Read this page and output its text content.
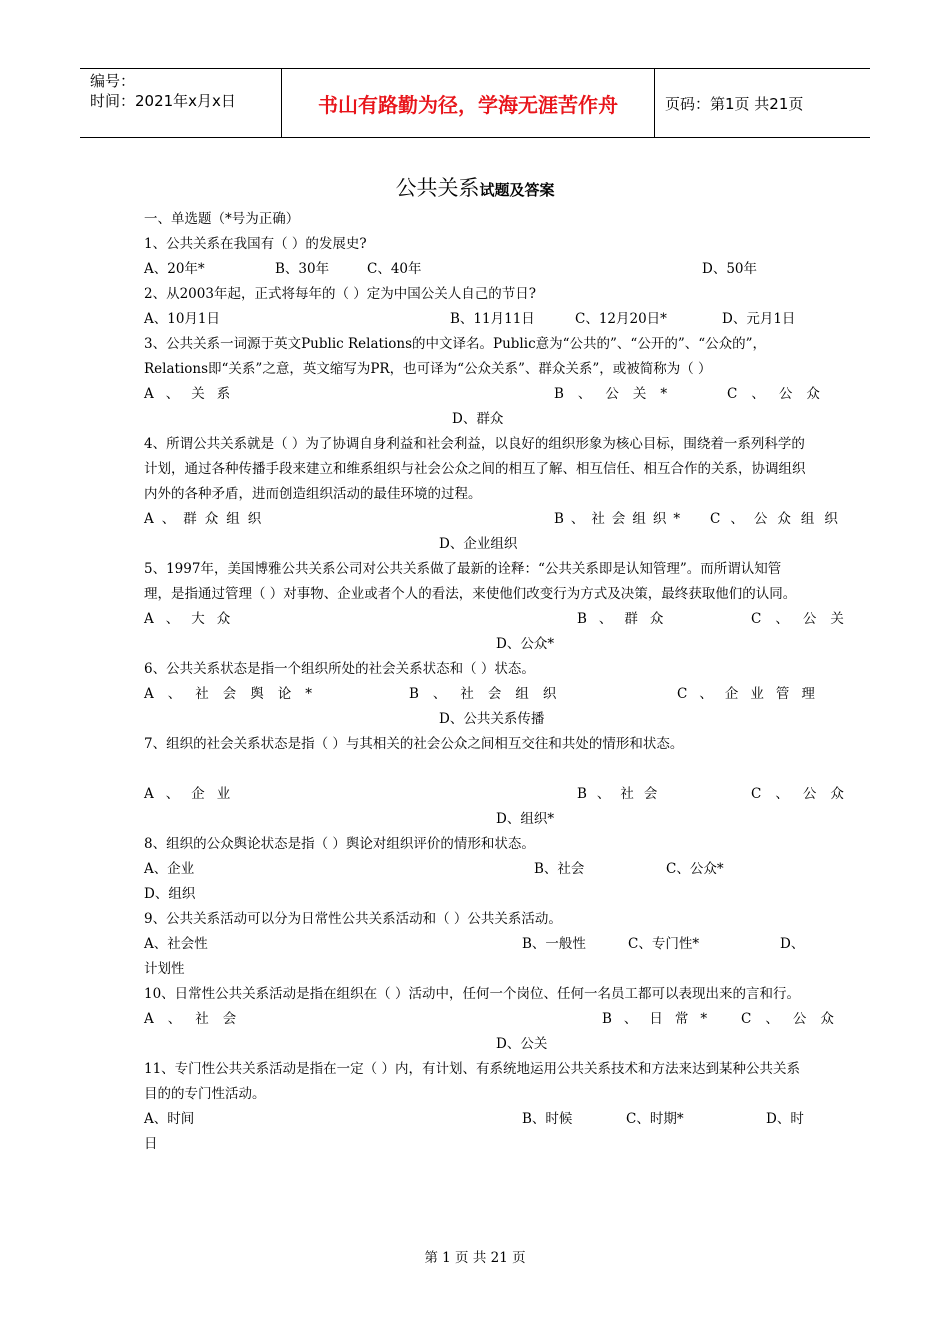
编号：
时间：2021年x月x日	书山有路勤为径，学海无涯苦作舟	页码：第1页 共21页
公共关系试题及答案
一、单选题（*号为正确）
1、公共关系在我国有（ ）的发展史?
A、20年*	B、30年	C、40年	D、50年
2、从2003年起，正式将每年的（ ）定为中国公关人自己的节日?
A、10月1日	B、11月11日	C、12月20日*	D、元月1日
3、公共关系一词源于英文Public Relations的中文译名。Public意为“公共的”、“公开的”、“公众的”，Relations即“关系”之意，英文缩写为PR，也可译为“公众关系”、群众关系”，或被简称为（ ）
A、关系	B、公关*	C、公众
D、群众
4、所谓公共关系就是（ ）为了协调自身利益和社会利益，以良好的组织形象为核心目标，围绕着一系列科学的计划，通过各种传播手段来建立和维系组织与社会公众之间的相互了解、相互信任、相互合作的关系，协调组织内外的各种矛盾，进而创造组织活动的最佳环境的过程。
A、群众组织	B、社会组织* C、公众组织
D、企业组织
5、1997年，美国博雅公共关系公司对公共关系做了最新的诠释：“公共关系即是认知管理”。而所谓认知管理，是指通过管理（ ）对事物、企业或者个人的看法，来使他们改变行为方式及决策，最终获取他们的认同。
A、大众	B、群众	C、公关
D、公众*
6、公共关系状态是指一个组织所处的社会关系状态和（ ）状态。
A、社会舆论*	B、社会组织	C、企业管理
D、公共关系传播
7、组织的社会关系状态是指（ ）与其相关的社会公众之间相互交往和共处的情形和状态。
A、企业	B、社会	C、公众
D、组织*
8、组织的公众舆论状态是指（ ）舆论对组织评价的情形和状态。
A、企业	B、社会	C、公众*
D、组织
9、公共关系活动可以分为日常性公共关系活动和（ ）公共关系活动。
A、社会性	B、一般性	C、专门性*	D、
计划性
10、日常性公共关系活动是指在组织在（ ）活动中，任何一个岗位、任何一名员工都可以表现出来的言和行。
A、社会	B、日常* C、公众
D、公关
11、专门性公共关系活动是指在一定（ ）内，有计划、有系统地运用公共关系技术和方法来达到某种公共关系目的的专门性活动。
A、时间	B、时候	C、时期*	D、时
日
第 1 页 共 21 页
